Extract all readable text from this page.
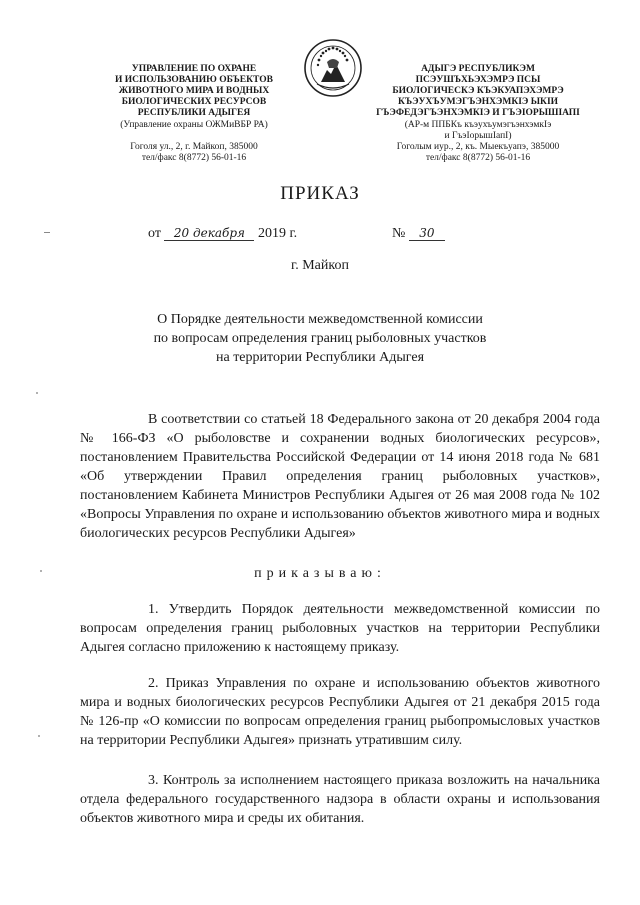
УПРАВЛЕНИЕ ПО ОХРАНЕ
И ИСПОЛЬЗОВАНИЮ ОБЪЕКТОВ
ЖИВОТНОГО МИРА И ВОДНЫХ
БИОЛОГИЧЕСКИХ РЕСУРСОВ
РЕСПУБЛИКИ АДЫГЕЯ
(Управление охраны ОЖМиВБР РА)
Гоголя ул., 2, г. Майкоп, 385000
тел/факс 8(8772) 56-01-16
АДЫГЭ РЕСПУБЛИКЭМ
ПСЭУШЪХЬЭХЭМРЭ ПСЫ
БИОЛОГИЧЕСКЭ КЪЭКУАПЭХЭМРЭ
КЪЭУХЪУМЭГЪЭНХЭМКIЭ ЫКIИ
ГЪЭФЕДЭГЪЭНХЭМКIЭ И ГЪЭIОРЫШIАПI
(АР-м ППБКъ къэухъумэгъэнхэмкIэ
и ГъэIорышIапI)
Гоголым иур., 2, къ. Мыекъуапэ, 385000
тел/факс 8(8772) 56-01-16
ПРИКАЗ
от 20 декабря 2019 г.	№ 30
г. Майкоп
О Порядке деятельности межведомственной комиссии
по вопросам определения границ рыболовных участков
на территории Республики Адыгея

В соответствии со статьей 18 Федерального закона от 20 декабря 2004 года № 166-ФЗ «О рыболовстве и сохранении водных биологических ресурсов», постановлением Правительства Российской Федерации от 14 июня 2018 года № 681 «Об утверждении Правил определения границ рыболовных участков», постановлением Кабинета Министров Республики Адыгея от 26 мая 2008 года № 102 «Вопросы Управления по охране и использованию объектов животного мира и водных биологических ресурсов Республики Адыгея»

приказываю:

1. Утвердить Порядок деятельности межведомственной комиссии по вопросам определения границ рыболовных участков на территории Республики Адыгея согласно приложению к настоящему приказу.

2. Приказ Управления по охране и использованию объектов животного мира и водных биологических ресурсов Республики Адыгея от 21 декабря 2015 года № 126-пр «О комиссии по вопросам определения границ рыбопромысловых участков на территории Республики Адыгея» признать утратившим силу.

3. Контроль за исполнением настоящего приказа возложить на начальника отдела федерального государственного надзора в области охраны и использования объектов животного мира и среды их обитания.
